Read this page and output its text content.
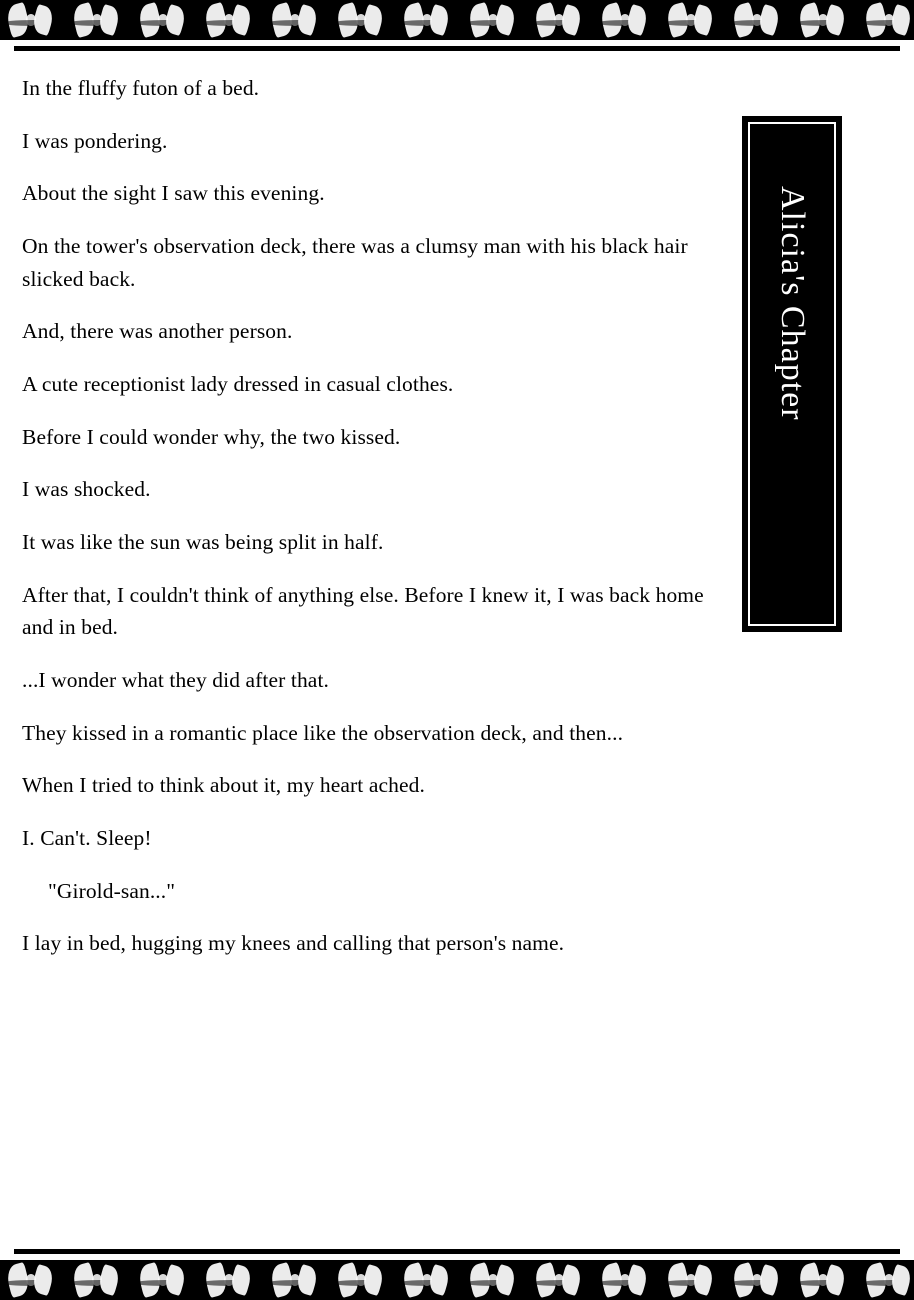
In the fluffy futon of a bed.

I was pondering.

About the sight I saw this evening.

On the tower's observation deck, there was a clumsy man with his black hair slicked back.

And, there was another person.

A cute receptionist lady dressed in casual clothes.

Before I could wonder why, the two kissed.

I was shocked.

It was like the sun was being split in half.

After that, I couldn't think of anything else. Before I knew it, I was back home and in bed.

...I wonder what they did after that.

They kissed in a romantic place like the observation deck, and then...

When I tried to think about it, my heart ached.

I. Can't. Sleep!

"Girold-san..."

I lay in bed, hugging my knees and calling that person's name.

Alicia's Chapter
